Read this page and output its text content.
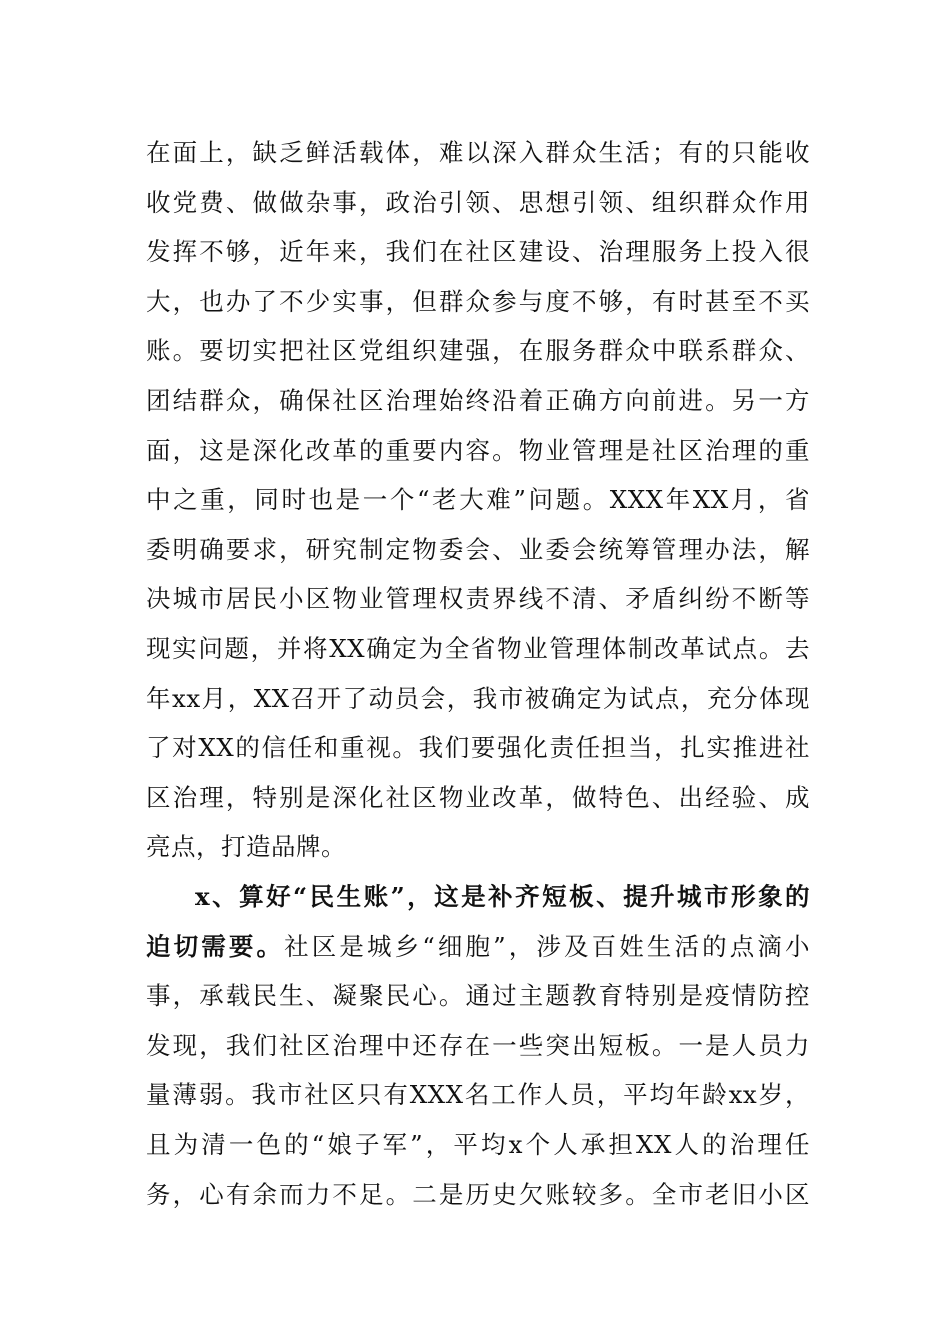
在面上，缺乏鲜活载体，难以深入群众生活；有的只能收
收党费、做做杂事，政治引领、思想引领、组织群众作用
发挥不够，近年来，我们在社区建设、治理服务上投入很
大，也办了不少实事，但群众参与度不够，有时甚至不买
账。要切实把社区党组织建强，在服务群众中联系群众、
团结群众，确保社区治理始终沿着正确方向前进。另一方
面，这是深化改革的重要内容。物业管理是社区治理的重
中之重，同时也是一个“老大难”问题。XXX年XX月，省
委明确要求，研究制定物委会、业委会统筹管理办法，解
决城市居民小区物业管理权责界线不清、矛盾纠纷不断等
现实问题，并将XX确定为全省物业管理体制改革试点。去
年xx月，XX召开了动员会，我市被确定为试点，充分体现
了对XX的信任和重视。我们要强化责任担当，扎实推进社
区治理，特别是深化社区物业改革，做特色、出经验、成
亮点，打造品牌。
x、算好“民生账”，这是补齐短板、提升城市形象的
迫切需要。社区是城乡“细胞”，涉及百姓生活的点滴小
事，承载民生、凝聚民心。通过主题教育特别是疫情防控
发现，我们社区治理中还存在一些突出短板。一是人员力
量薄弱。我市社区只有XXX名工作人员，平均年龄xx岁，
且为清一色的“娘子军”，平均x个人承担XX人的治理任
务，心有余而力不足。二是历史欠账较多。全市老旧小区
